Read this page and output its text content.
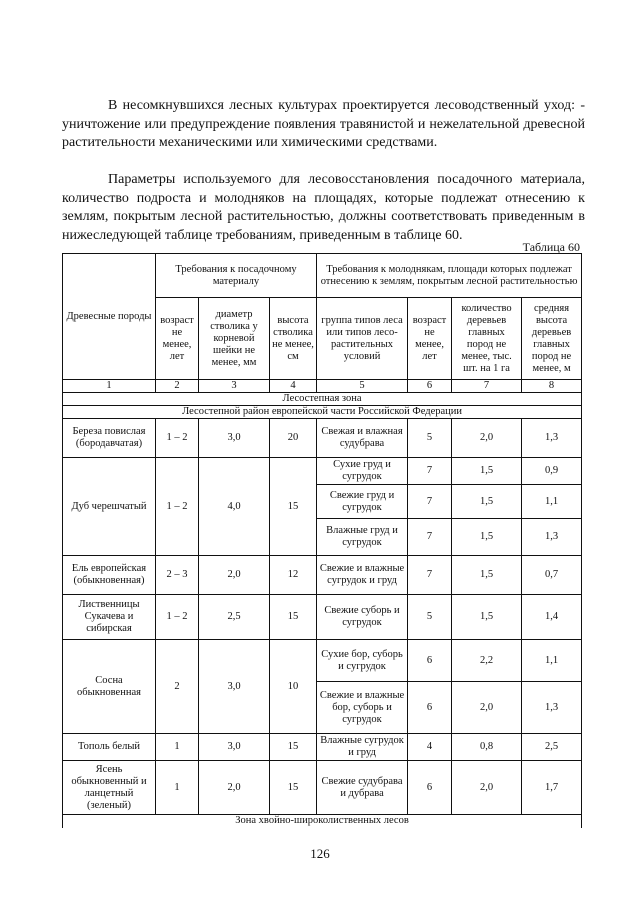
В несомкнувшихся лесных культурах проектируется лесоводственный уход: - уничтожение или предупреждение появления травянистой и нежелательной древесной растительности механическими или химическими средствами.

Параметры используемого для лесовосстановления посадочного материала, количество подроста и молодняков на площадях, которые подлежат отнесению к землям, покрытым лесной растительностью, должны соответствовать приведенным в нижеследующей таблице требованиям, приведенным в таблице 60.

Таблица 60
Древесные породы	Требования к посадочному материалу			Требования к молоднякам, площади которых подлежат отнесению к землям, покрытым лесной растительностью			
	возраст не менее, лет	диаметр стволика у корневой шейки не менее, мм	высота стволика не менее, см	группа типов леса или типов лесо-растительных условий	возраст не менее, лет	количество деревьев главных пород не менее, тыс. шт. на 1 га	средняя высота деревьев главных пород не менее, м
1	2	3	4	5	6	7	8
Лесостепная зона							
Лесостепной район европейской части Российской Федерации							
Береза повислая (бородавчатая)	1 – 2	3,0	20	Свежая и влажная судубрава	5	2,0	1,3
Дуб черешчатый	1 – 2	4,0	15	Сухие груд и сугрудок	7	1,5	0,9
				Свежие груд и сугрудок	7	1,5	1,1
				Влажные груд и сугрудок	7	1,5	1,3
Ель европейская (обыкновенная)	2 – 3	2,0	12	Свежие и влажные сугрудок и груд	7	1,5	0,7
Лиственницы Сукачева и сибирская	1 – 2	2,5	15	Свежие суборь и сугрудок	5	1,5	1,4
Сосна обыкновенная	2	3,0	10	Сухие бор, суборь и сугрудок	6	2,2	1,1
				Свежие и влажные бор, суборь и сугрудок	6	2,0	1,3
Тополь белый	1	3,0	15	Влажные сугрудок и груд	4	0,8	2,5
Ясень обыкновенный и ланцетный (зеленый)	1	2,0	15	Свежие судубрава и дубрава	6	2,0	1,7
Зона хвойно-широколиственных лесов							
126
